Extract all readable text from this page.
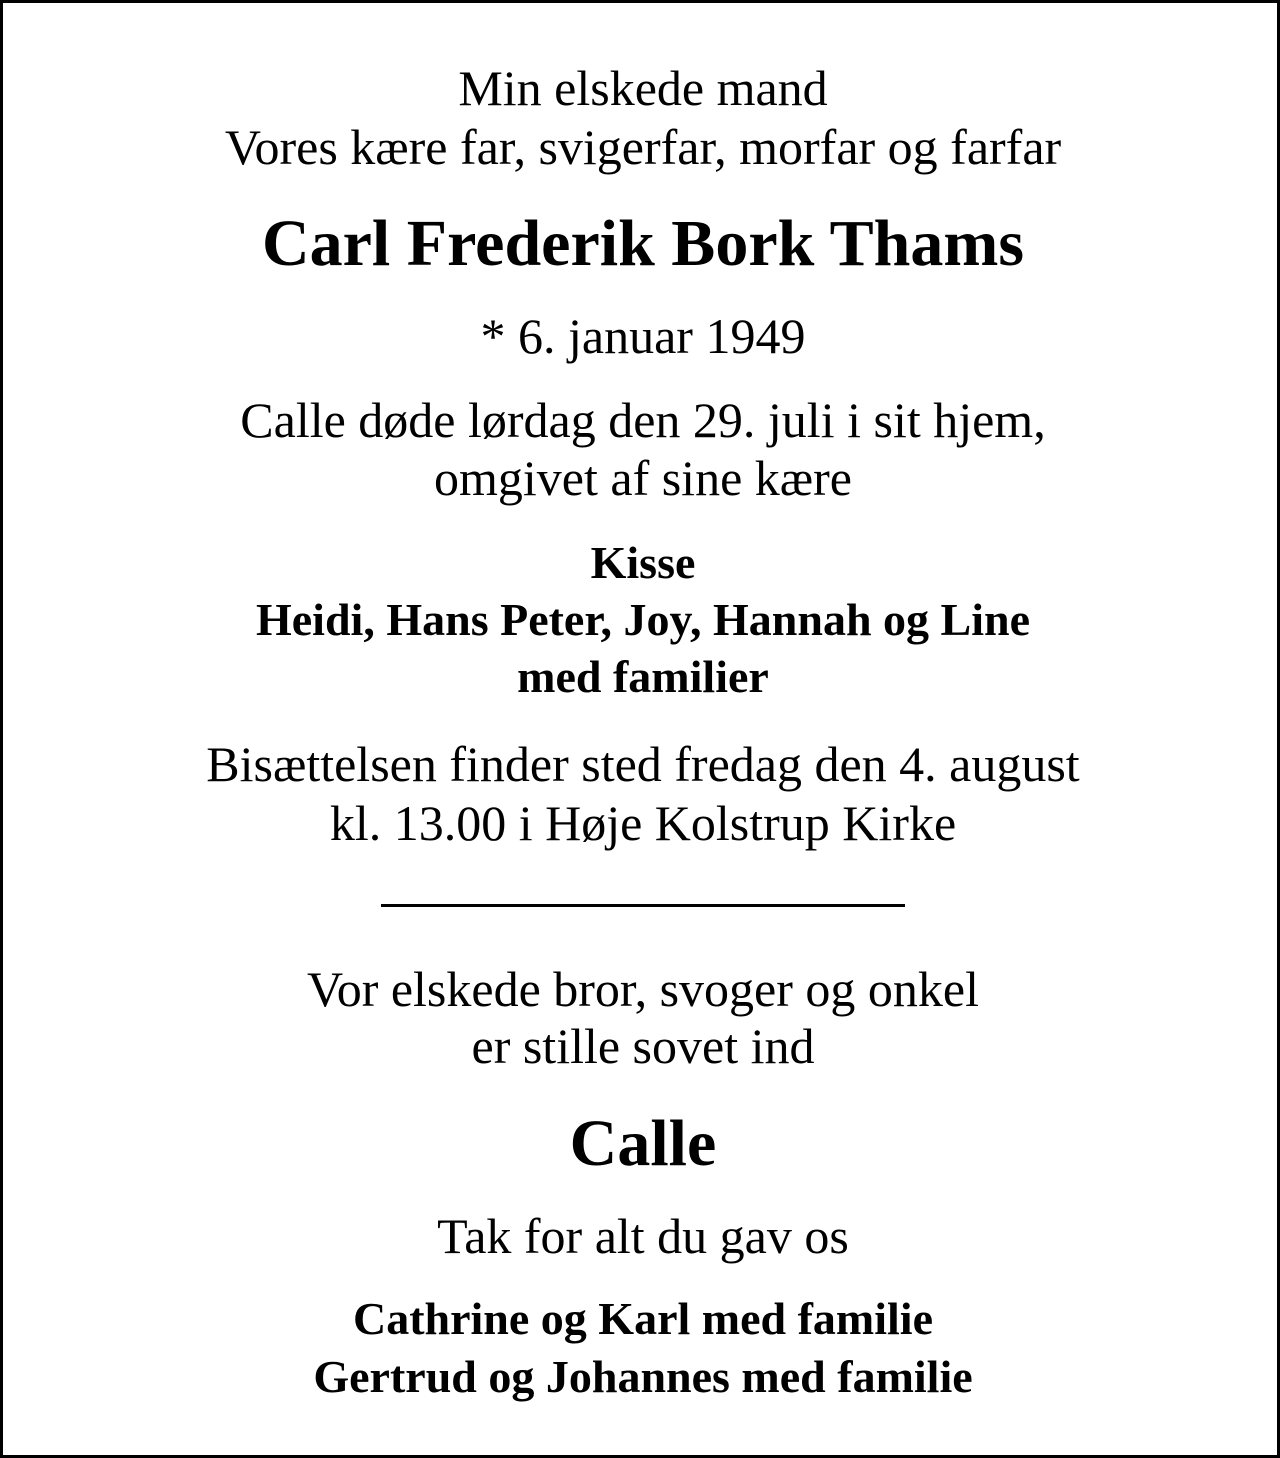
Min elskede mand
Vores kære far, svigerfar, morfar og farfar
Carl Frederik Bork Thams
* 6. januar 1949
Calle døde lørdag den 29. juli i sit hjem,
omgivet af sine kære
Kisse
Heidi, Hans Peter, Joy, Hannah og Line
med familier
Bisættelsen finder sted fredag den 4. august
kl. 13.00 i Høje Kolstrup Kirke
Vor elskede bror, svoger og onkel
er stille sovet ind
Calle
Tak for alt du gav os
Cathrine og Karl med familie
Gertrud og Johannes med familie
